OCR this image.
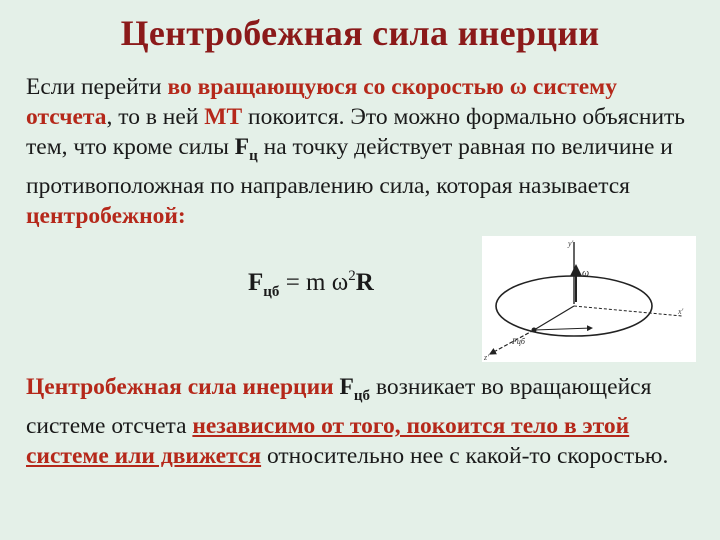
Центробежная сила инерции
Если перейти во вращающуюся со скоростью ω систему отсчета, то в ней МТ покоится. Это можно формально объяснить тем, что кроме силы $F_ц$ на точку действует равная по величине и противоположная по направлению сила, которая называется центробежной:
$F_{цб} = m$ $\omega^2R$	ω
y'
x'
Fцб
z'
Центробежная сила инерции $F_{цб}$ возникает во вращающейся системе отсчета независимо от того, покоится тело в этой системе или движется относительно нее с какой-то скоростью.
